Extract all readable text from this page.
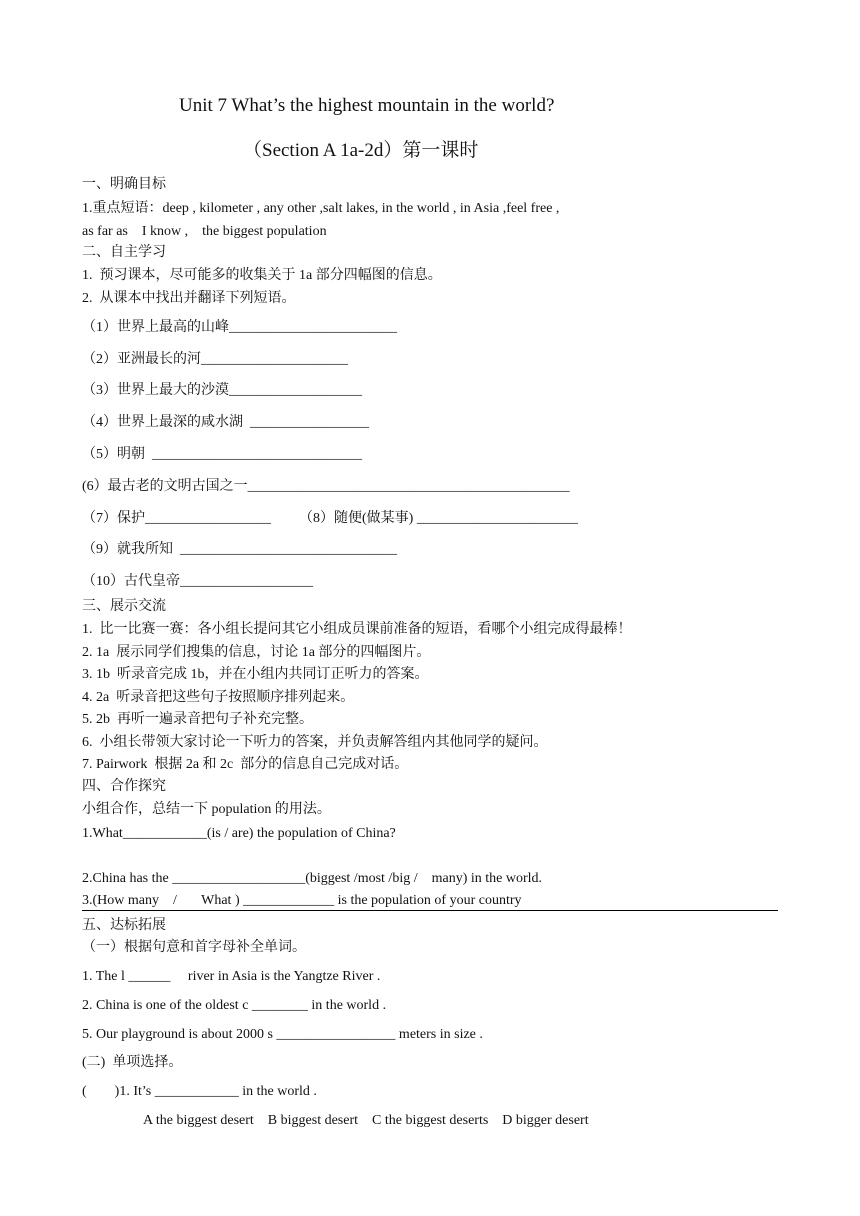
Unit 7 What’s the highest mountain in the world?
（Section A 1a-2d）第一课时
一、明确目标
1.重点短语：deep , kilometer , any other ,salt lakes, in the world , in Asia ,feel free ,
as far as    I know ,    the biggest population
二、自主学习
1.  预习课本，尽可能多的收集关于 1a 部分四幅图的信息。
2.  从课本中找出并翻译下列短语。
（1）世界上最高的山峰________________________
（2）亚洲最长的河_____________________
（3）世界上最大的沙漠___________________
（4）世界上最深的咸水湖  _________________
（5）明朝  ______________________________
(6）最古老的文明古国之一______________________________________________
（7）保护__________________        （8）随便(做某事) _______________________
（9）就我所知  _______________________________
（10）古代皇帝___________________
三、展示交流
1.  比一比赛一赛：各小组长提问其它小组成员课前准备的短语，看哪个小组完成得最棒！
2. 1a  展示同学们搜集的信息，讨论 1a 部分的四幅图片。
3. 1b  听录音完成 1b，并在小组内共同订正听力的答案。
4. 2a  听录音把这些句子按照顺序排列起来。
5. 2b  再听一遍录音把句子补充完整。
6.  小组长带领大家讨论一下听力的答案，并负责解答组内其他同学的疑问。
7. Pairwork  根据 2a 和 2c  部分的信息自己完成对话。
四、合作探究
小组合作，总结一下 population 的用法。
1.What____________(is / are) the population of China?
2.China has the ___________________(biggest /most /big /    many) in the world.
3.(How many    /       What ) _____________ is the population of your country
五、达标拓展
（一）根据句意和首字母补全单词。
1. The l ______     river in Asia is the Yangtze River .
2. China is one of the oldest c ________ in the world .
5. Our playground is about 2000 s _________________ meters in size .
(二)  单项选择。
(        )1. It’s ____________ in the world .
A the biggest desert    B biggest desert    C the biggest deserts    D bigger desert
